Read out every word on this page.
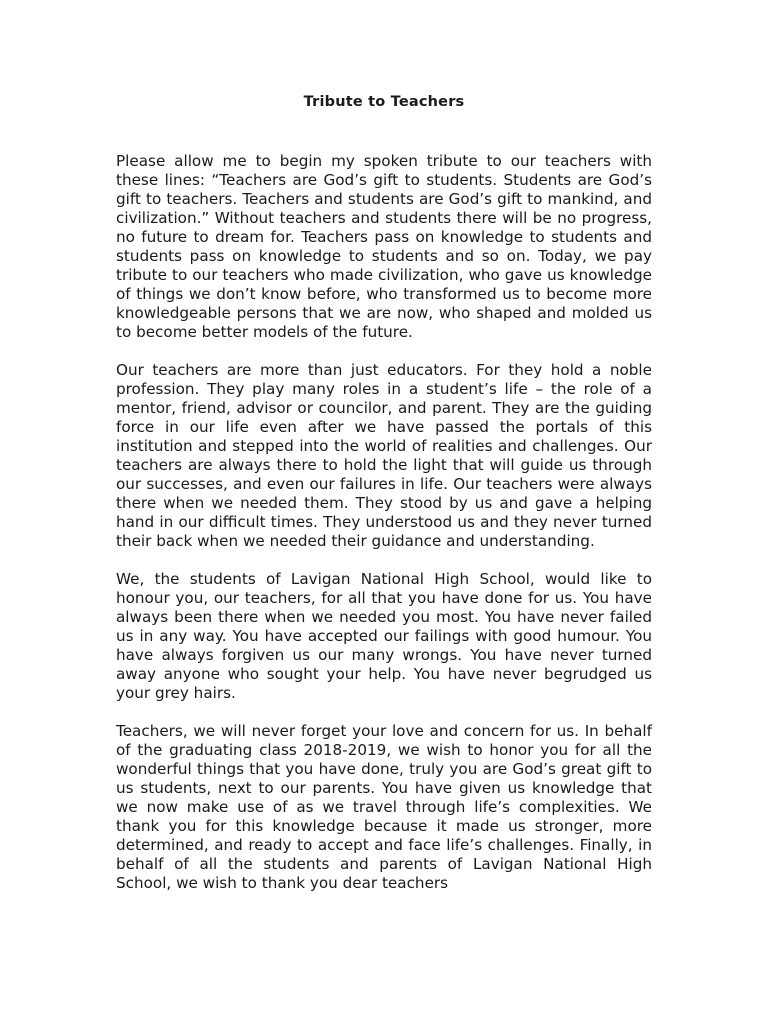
Tribute to Teachers

Please allow me to begin my spoken tribute to our teachers with these lines: “Teachers are God’s gift to students. Students are God’s gift to teachers. Teachers and students are God’s gift to mankind, and civilization.” Without teachers and students there will be no progress, no future to dream for. Teachers pass on knowledge to students and students pass on knowledge to students and so on. Today, we pay tribute to our teachers who made civilization, who gave us knowledge of things we don’t know before, who transformed us to become more knowledgeable persons that we are now, who shaped and molded us to become better models of the future.

Our teachers are more than just educators. For they hold a noble profession. They play many roles in a student’s life – the role of a mentor, friend, advisor or councilor, and parent. They are the guiding force in our life even after we have passed the portals of this institution and stepped into the world of realities and challenges. Our teachers are always there to hold the light that will guide us through our successes, and even our failures in life. Our teachers were always there when we needed them. They stood by us and gave a helping hand in our difficult times. They understood us and they never turned their back when we needed their guidance and understanding.

We, the students of Lavigan National High School, would like to honour you, our teachers, for all that you have done for us. You have always been there when we needed you most. You have never failed us in any way. You have accepted our failings with good humour. You have always forgiven us our many wrongs. You have never turned away anyone who sought your help. You have never begrudged us your grey hairs.

Teachers, we will never forget your love and concern for us. In behalf of the graduating class 2018-2019, we wish to honor you for all the wonderful things that you have done, truly you are God’s great gift to us students, next to our parents. You have given us knowledge that we now make use of as we travel through life’s complexities. We thank you for this knowledge because it made us stronger, more determined, and ready to accept and face life’s challenges. Finally, in behalf of all the students and parents of Lavigan National High School, we wish to thank you dear teachers
